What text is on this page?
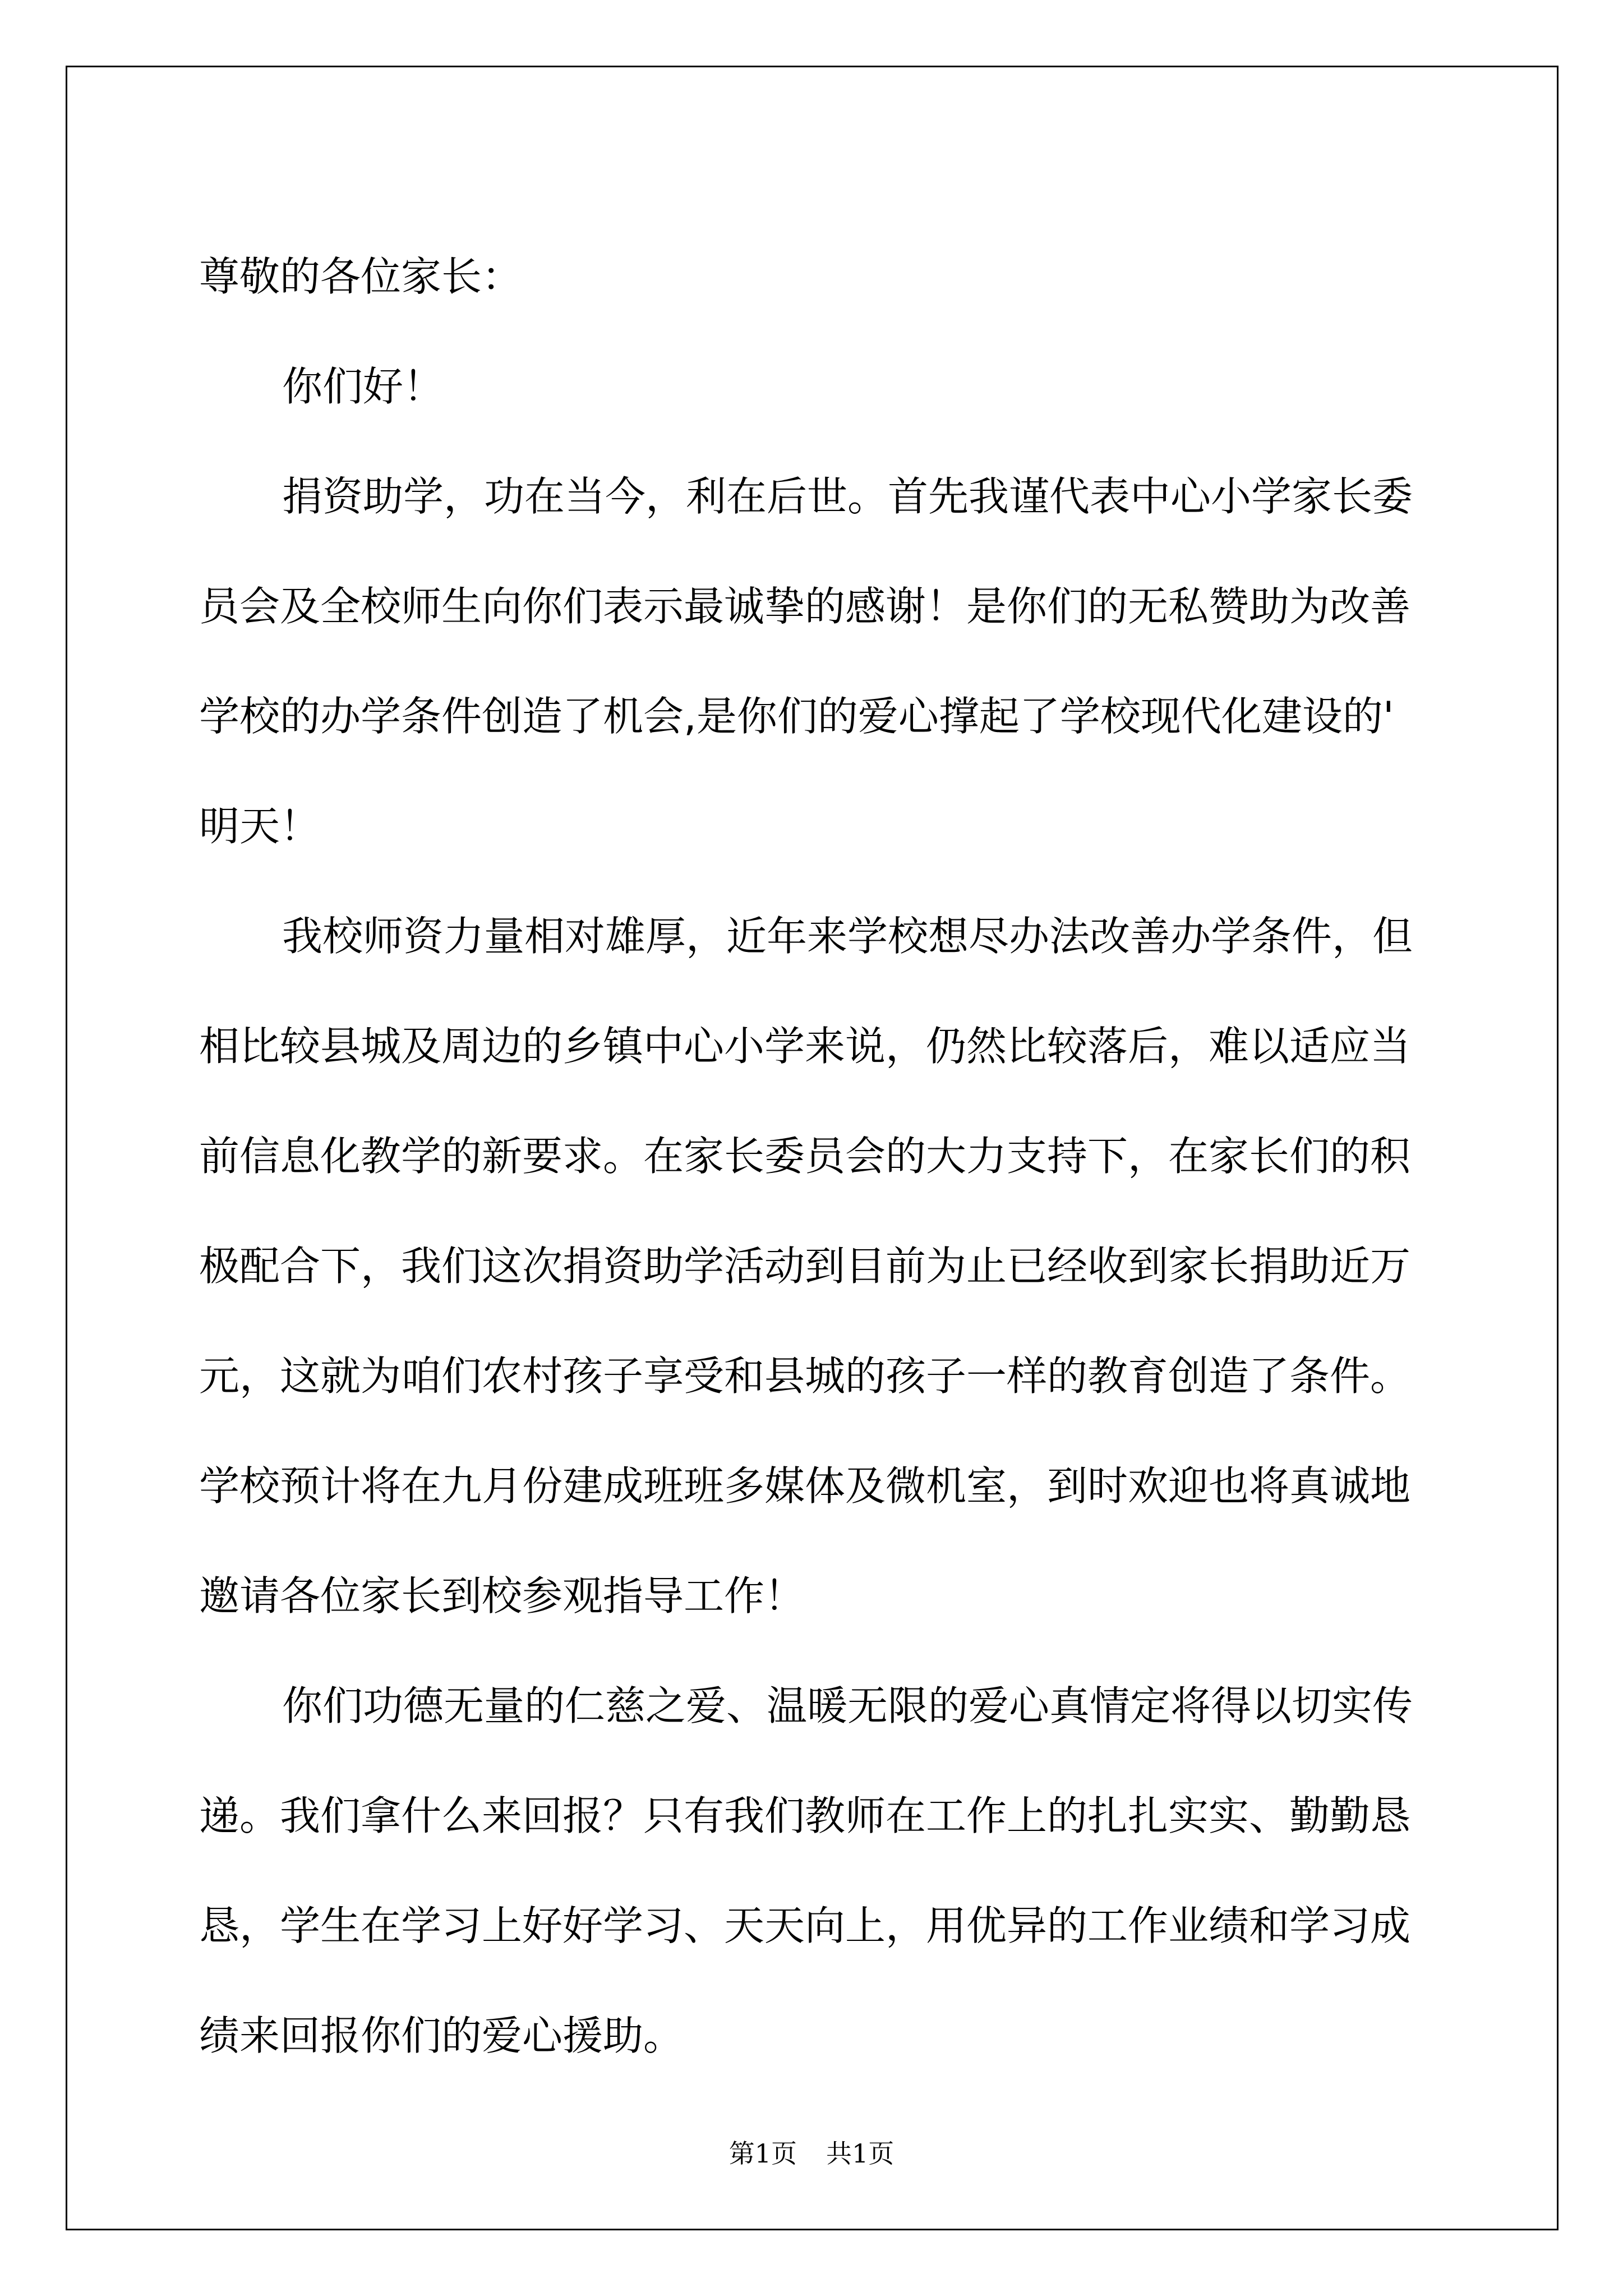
尊敬的各位家长：
你们好！
捐资助学，功在当今，利在后世。首先我谨代表中心小学家长委
员会及全校师生向你们表示最诚挚的感谢！是你们的无私赞助为改善
学校的办学条件创造了机会,是你们的爱心撑起了学校现代化建设的'
明天！
我校师资力量相对雄厚，近年来学校想尽办法改善办学条件，但
相比较县城及周边的乡镇中心小学来说，仍然比较落后，难以适应当
前信息化教学的新要求。在家长委员会的大力支持下，在家长们的积
极配合下，我们这次捐资助学活动到目前为止已经收到家长捐助近万
元，这就为咱们农村孩子享受和县城的孩子一样的教育创造了条件。
学校预计将在九月份建成班班多媒体及微机室，到时欢迎也将真诚地
邀请各位家长到校参观指导工作！
你们功德无量的仁慈之爱、温暖无限的爱心真情定将得以切实传
递。我们拿什么来回报？只有我们教师在工作上的扎扎实实、勤勤恳
恳，学生在学习上好好学习、天天向上，用优异的工作业绩和学习成
绩来回报你们的爱心援助。
第1页 共1页
